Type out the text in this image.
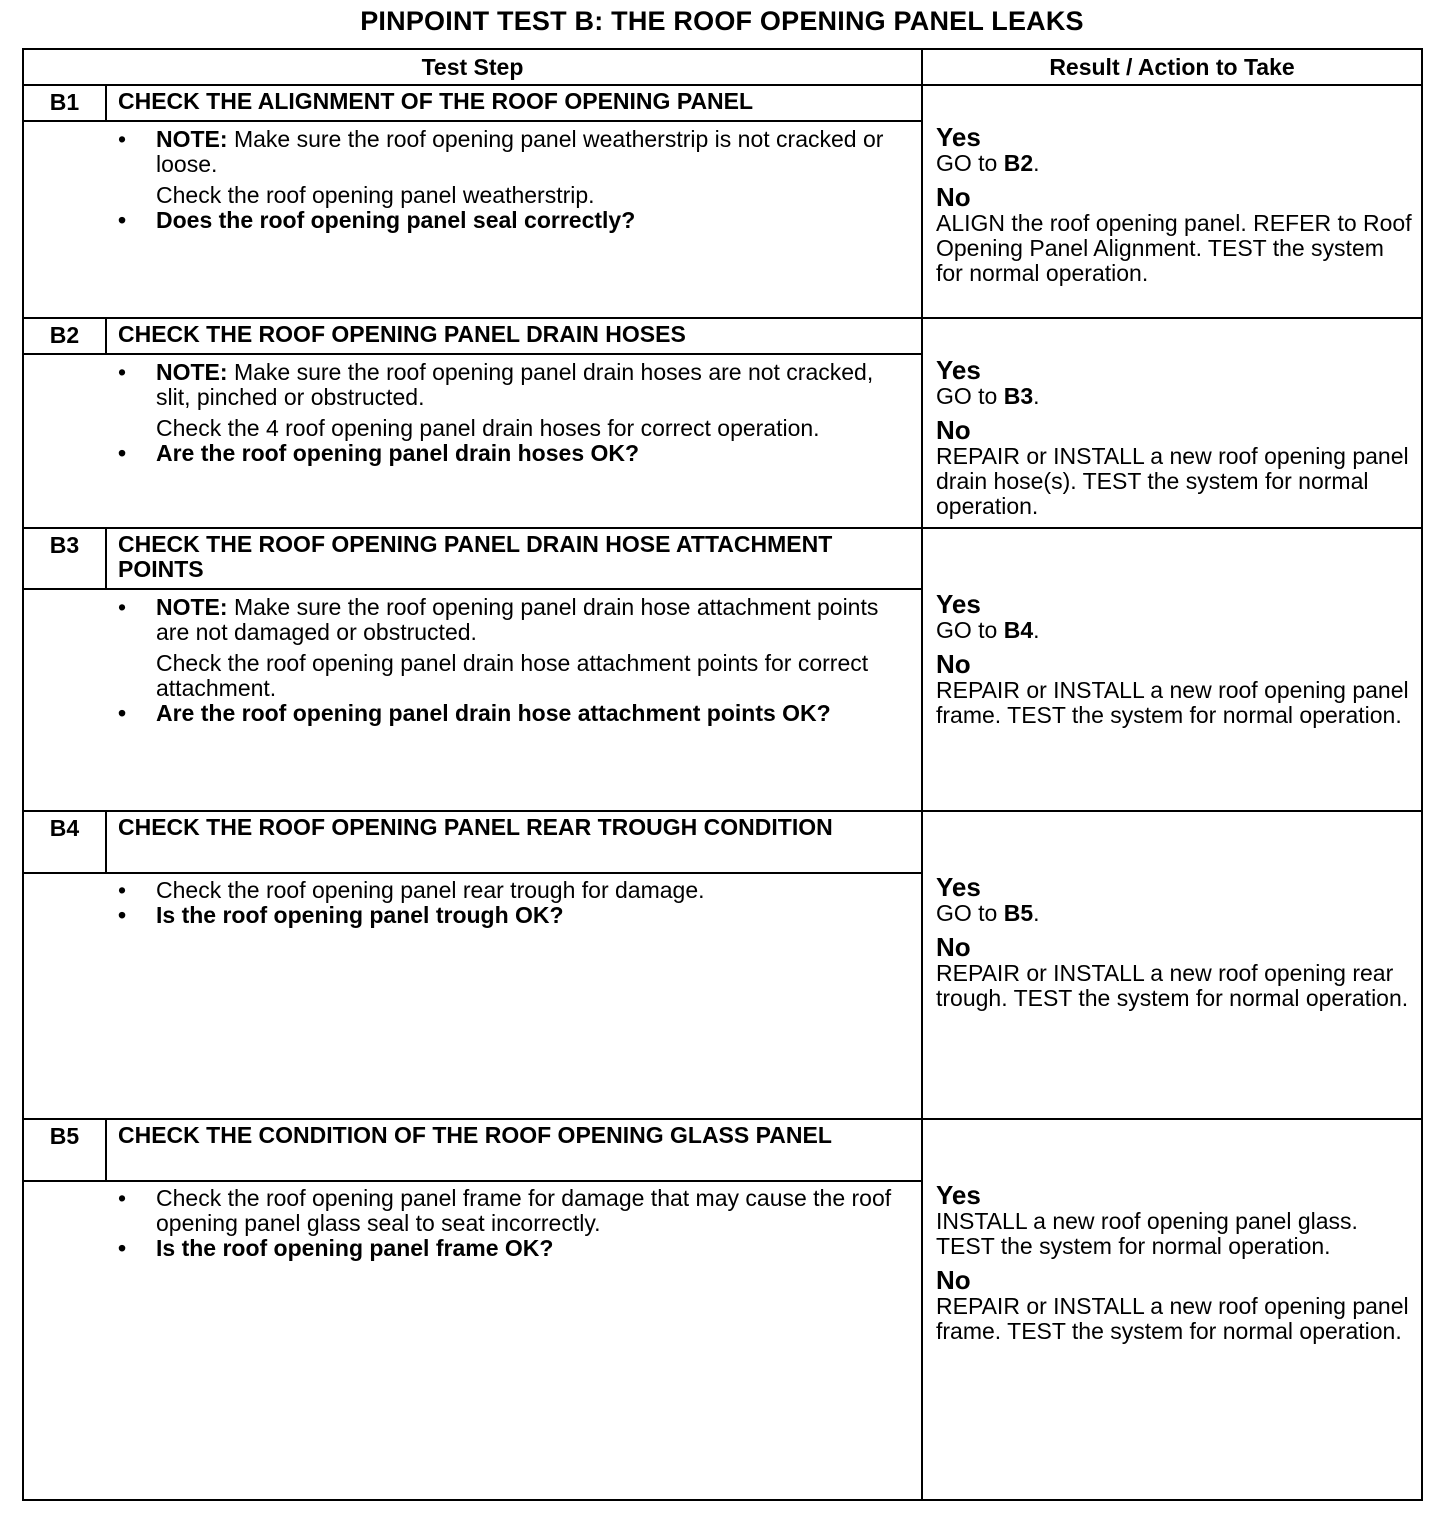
PINPOINT TEST B: THE ROOF OPENING PANEL LEAKS
Test Step	Result / Action to Take
B1	CHECK THE ALIGNMENT OF THE ROOF OPENING PANEL
• NOTE: Make sure the roof opening panel weatherstrip is not cracked or loose.
Check the roof opening panel weatherstrip.
• Does the roof opening panel seal correctly?
Yes
GO to B2.
No
ALIGN the roof opening panel. REFER to Roof Opening Panel Alignment. TEST the system for normal operation.
B2	CHECK THE ROOF OPENING PANEL DRAIN HOSES
• NOTE: Make sure the roof opening panel drain hoses are not cracked, slit, pinched or obstructed.
Check the 4 roof opening panel drain hoses for correct operation.
• Are the roof opening panel drain hoses OK?
Yes
GO to B3.
No
REPAIR or INSTALL a new roof opening panel drain hose(s). TEST the system for normal operation.
B3	CHECK THE ROOF OPENING PANEL DRAIN HOSE ATTACHMENT POINTS
• NOTE: Make sure the roof opening panel drain hose attachment points are not damaged or obstructed.
Check the roof opening panel drain hose attachment points for correct attachment.
• Are the roof opening panel drain hose attachment points OK?
Yes
GO to B4.
No
REPAIR or INSTALL a new roof opening panel frame. TEST the system for normal operation.
B4	CHECK THE ROOF OPENING PANEL REAR TROUGH CONDITION
• Check the roof opening panel rear trough for damage.
• Is the roof opening panel trough OK?
Yes
GO to B5.
No
REPAIR or INSTALL a new roof opening rear trough. TEST the system for normal operation.
B5	CHECK THE CONDITION OF THE ROOF OPENING GLASS PANEL
• Check the roof opening panel frame for damage that may cause the roof opening panel glass seal to seat incorrectly.
• Is the roof opening panel frame OK?
Yes
INSTALL a new roof opening panel glass. TEST the system for normal operation.
No
REPAIR or INSTALL a new roof opening panel frame. TEST the system for normal operation.
